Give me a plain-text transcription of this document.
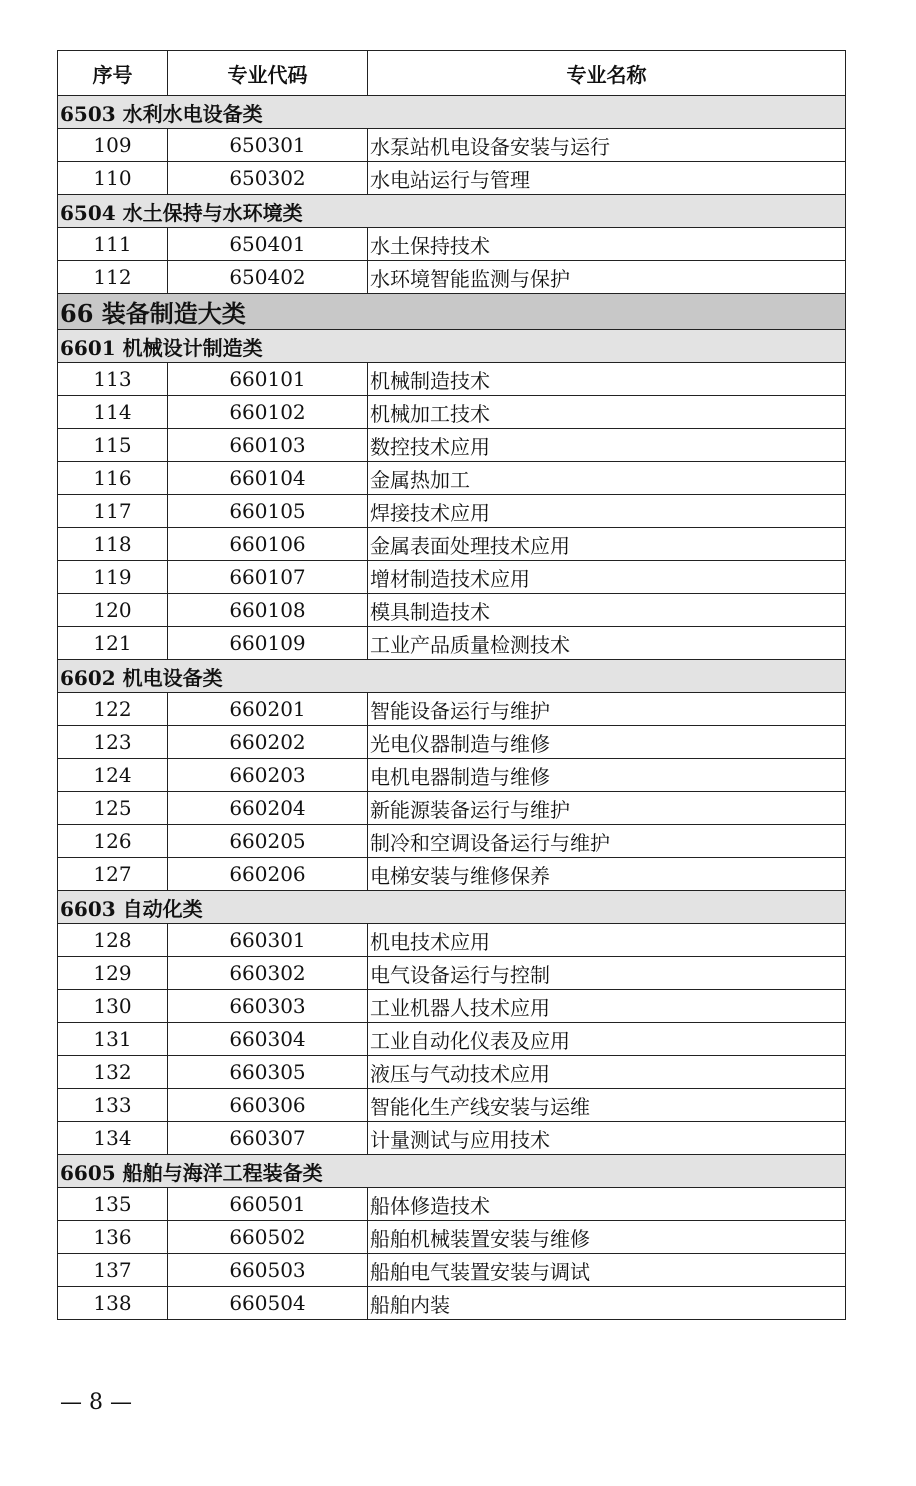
序号	专业代码	专业名称
6503 水利水电设备类		
109	650301	水泵站机电设备安装与运行
110	650302	水电站运行与管理
6504 水土保持与水环境类		
111	650401	水土保持技术
112	650402	水环境智能监测与保护
66 装备制造大类		
6601 机械设计制造类		
113	660101	机械制造技术
114	660102	机械加工技术
115	660103	数控技术应用
116	660104	金属热加工
117	660105	焊接技术应用
118	660106	金属表面处理技术应用
119	660107	增材制造技术应用
120	660108	模具制造技术
121	660109	工业产品质量检测技术
6602 机电设备类		
122	660201	智能设备运行与维护
123	660202	光电仪器制造与维修
124	660203	电机电器制造与维修
125	660204	新能源装备运行与维护
126	660205	制冷和空调设备运行与维护
127	660206	电梯安装与维修保养
6603 自动化类		
128	660301	机电技术应用
129	660302	电气设备运行与控制
130	660303	工业机器人技术应用
131	660304	工业自动化仪表及应用
132	660305	液压与气动技术应用
133	660306	智能化生产线安装与运维
134	660307	计量测试与应用技术
6605 船舶与海洋工程装备类		
135	660501	船体修造技术
136	660502	船舶机械装置安装与维修
137	660503	船舶电气装置安装与调试
138	660504	船舶内装
— 8 —
